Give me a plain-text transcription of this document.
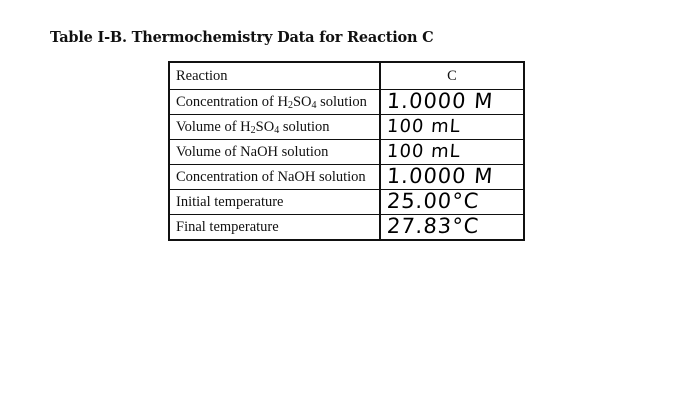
Table I-B. Thermochemistry Data for Reaction C
Reaction	C
Concentration of $H_2SO_4$ solution	1.0000 M
Volume of $H_2SO_4$ solution	100 mL
Volume of NaOH solution	100 mL
Concentration of NaOH solution	1.0000 M
Initial temperature	25.00°C
Final temperature	27.83°C
